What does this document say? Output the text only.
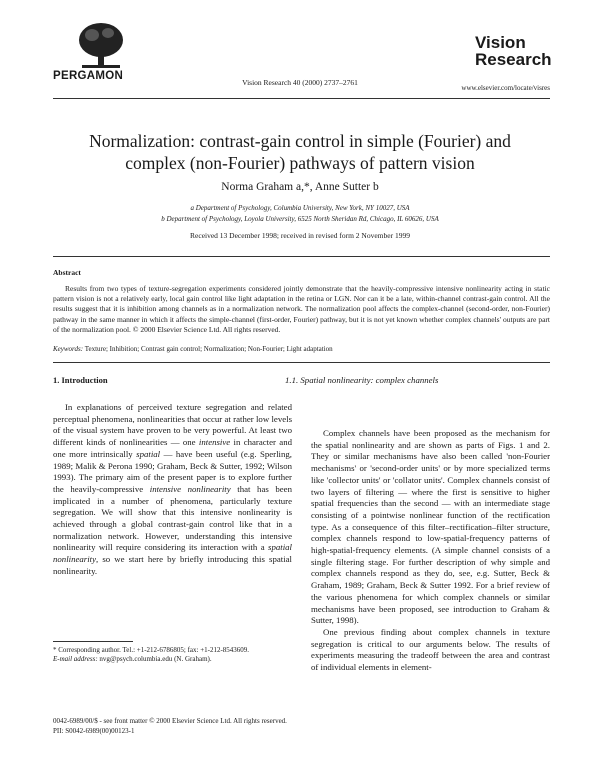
PERGAMON
Vision Research 40 (2000) 2737–2761
Vision
Research
www.elsevier.com/locate/visres
Normalization: contrast-gain control in simple (Fourier) and
complex (non-Fourier) pathways of pattern vision
Norma Graham a,*, Anne Sutter b
a Department of Psychology, Columbia University, New York, NY 10027, USA
b Department of Psychology, Loyola University, 6525 North Sheridan Rd, Chicago, IL 60626, USA
Received 13 December 1998; received in revised form 2 November 1999
Abstract
Results from two types of texture-segregation experiments considered jointly demonstrate that the heavily-compressive intensive nonlinearity acting in static pattern vision is not a relatively early, local gain control like light adaptation in the retina or LGN. Nor can it be a late, within-channel contrast-gain control. All the results suggest that it is inhibition among channels as in a normalization network. The normalization pool affects the complex-channel (second-order, non-Fourier) pathway in the same manner in which it affects the simple-channel (first-order, Fourier) pathway, but it is not yet known whether complex channels' outputs are part of the normalization pool. © 2000 Elsevier Science Ltd. All rights reserved.
Keywords: Texture; Inhibition; Contrast gain control; Normalization; Non-Fourier; Light adaptation
1. Introduction	1.1. Spatial nonlinearity: complex channels

In explanations of perceived texture segregation and related perceptual phenomena, nonlinearities that occur at rather low levels of the visual system have proven to be very powerful. At least two different kinds of nonlinearities — one intensive in character and one more intrinsically spatial — have been useful (e.g. Sperling, 1989; Malik & Perona 1990; Graham, Beck & Sutter, 1992; Wilson 1993). The primary aim of the present paper is to explore further the heavily-compressive intensive nonlinearity that has been implicated in a number of phenomena, particularly texture segregation. We will show that this intensive nonlinearity is achieved through a global contrast-gain control like that in a normalization network. However, understanding this intensive nonlinearity will require considering its interaction with a spatial nonlinearity, so we start here by briefly introducing this spatial nonlinearity.

Complex channels have been proposed as the mechanism for the spatial nonlinearity and are shown as parts of Figs. 1 and 2. They or similar mechanisms have also been called 'non-Fourier mechanisms' or 'second-order units' or by more specialized terms like 'collector units' or 'collator units'. Complex channels consist of two layers of filtering — where the first is sensitive to higher spatial frequencies than the second — with an intermediate stage consisting of a pointwise nonlinear function of the rectification type. As a consequence of this filter–rectification–filter structure, complex channels respond to low-spatial-frequency patterns of high-spatial-frequency elements. (A simple channel consists of a single filtering stage. For further description of why simple and complex channels respond as they do, see, e.g. Sutter, Beck & Graham, 1989; Graham, Beck & Sutter 1992. For a brief review of the various phenomena for which complex channels or similar mechanisms have been proposed, see introduction to Graham & Sutter, 1998).

One previous finding about complex channels in texture segregation is critical to our arguments below. The results of experiments measuring the tradeoff between the area and contrast of individual elements in element-

* Corresponding author. Tel.: +1-212-6786805; fax: +1-212-8543609.
E-mail address: nvg@psych.columbia.edu (N. Graham).
0042-6989/00/$ - see front matter © 2000 Elsevier Science Ltd. All rights reserved.
PII: S0042-6989(00)00123-1
